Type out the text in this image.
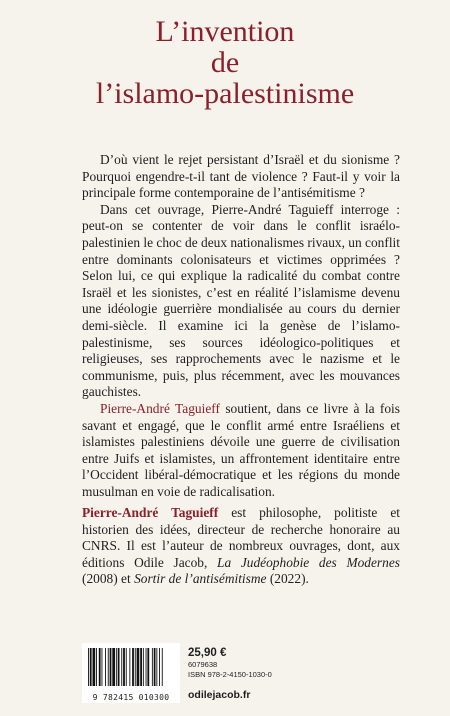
L’invention
de
l’islamo-palestinisme

D’où vient le rejet persistant d’Israël et du sionisme ? Pourquoi engendre-t-il tant de violence ? Faut-il y voir la principale forme contemporaine de l’antisémitisme ?

Dans cet ouvrage, Pierre-André Taguieff interroge : peut-on se contenter de voir dans le conflit israélo-palestinien le choc de deux nationalismes rivaux, un conflit entre dominants colonisateurs et victimes opprimées ? Selon lui, ce qui explique la radicalité du combat contre Israël et les sionistes, c’est en réalité l’islamisme devenu une idéologie guerrière mondialisée au cours du dernier demi-siècle. Il examine ici la genèse de l’islamo-palestinisme, ses sources idéologico-politiques et religieuses, ses rapprochements avec le nazisme et le communisme, puis, plus récemment, avec les mouvances gauchistes.

Pierre-André Taguieff soutient, dans ce livre à la fois savant et engagé, que le conflit armé entre Israéliens et islamistes palestiniens dévoile une guerre de civilisation entre Juifs et islamistes, un affrontement identitaire entre l’Occident libéral-démocratique et les régions du monde musulman en voie de radicalisation.

Pierre-André Taguieff est philosophe, politiste et historien des idées, directeur de recherche honoraire au CNRS. Il est l’auteur de nombreux ouvrages, dont, aux éditions Odile Jacob, La Judéophobie des Modernes (2008) et Sortir de l’antisémitisme (2022).

9 782415 010300
25,90 €
6079638
ISBN 978-2-4150-1030-0
odilejacob.fr
